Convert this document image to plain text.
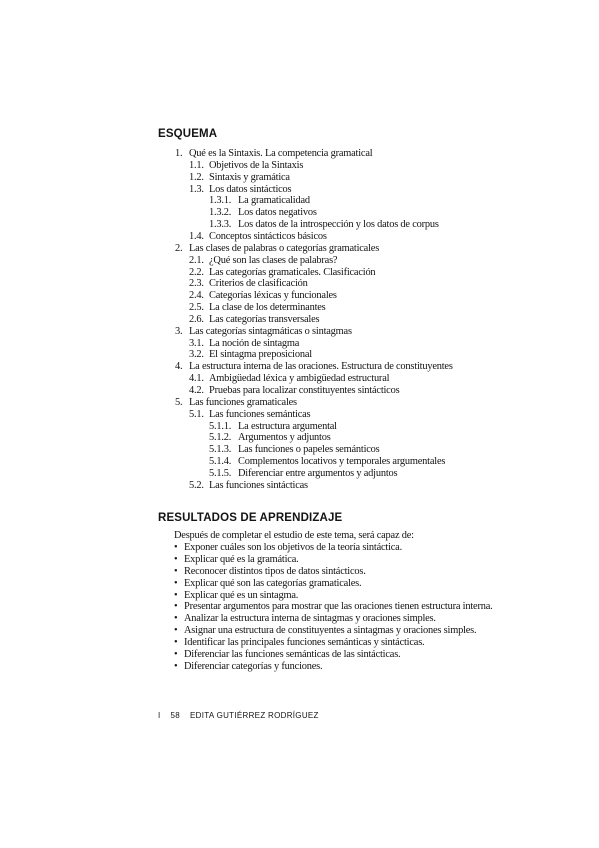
ESQUEMA
1. Qué es la Sintaxis. La competencia gramatical
1.1. Objetivos de la Sintaxis
1.2. Sintaxis y gramática
1.3. Los datos sintácticos
1.3.1. La gramaticalidad
1.3.2. Los datos negativos
1.3.3. Los datos de la introspección y los datos de corpus
1.4. Conceptos sintácticos básicos
2. Las clases de palabras o categorías gramaticales
2.1. ¿Qué son las clases de palabras?
2.2. Las categorías gramaticales. Clasificación
2.3. Criterios de clasificación
2.4. Categorías léxicas y funcionales
2.5. La clase de los determinantes
2.6. Las categorías transversales
3. Las categorías sintagmáticas o sintagmas
3.1. La noción de sintagma
3.2. El sintagma preposicional
4. La estructura interna de las oraciones. Estructura de constituyentes
4.1. Ambigüedad léxica y ambigüedad estructural
4.2. Pruebas para localizar constituyentes sintácticos
5. Las funciones gramaticales
5.1. Las funciones semánticas
5.1.1. La estructura argumental
5.1.2. Argumentos y adjuntos
5.1.3. Las funciones o papeles semánticos
5.1.4. Complementos locativos y temporales argumentales
5.1.5. Diferenciar entre argumentos y adjuntos
5.2. Las funciones sintácticas
RESULTADOS DE APRENDIZAJE

Después de completar el estudio de este tema, será capaz de:

• Exponer cuáles son los objetivos de la teoría sintáctica.
• Explicar qué es la gramática.
• Reconocer distintos tipos de datos sintácticos.
• Explicar qué son las categorías gramaticales.
• Explicar qué es un sintagma.
• Presentar argumentos para mostrar que las oraciones tienen estructura interna.
• Analizar la estructura interna de sintagmas y oraciones simples.
• Asignar una estructura de constituyentes a sintagmas y oraciones simples.
• Identificar las principales funciones semánticas y sintácticas.
• Diferenciar las funciones semánticas de las sintácticas.
• Diferenciar categorías y funciones.

I 58 EDITA GUTIÉRREZ RODRÍGUEZ
